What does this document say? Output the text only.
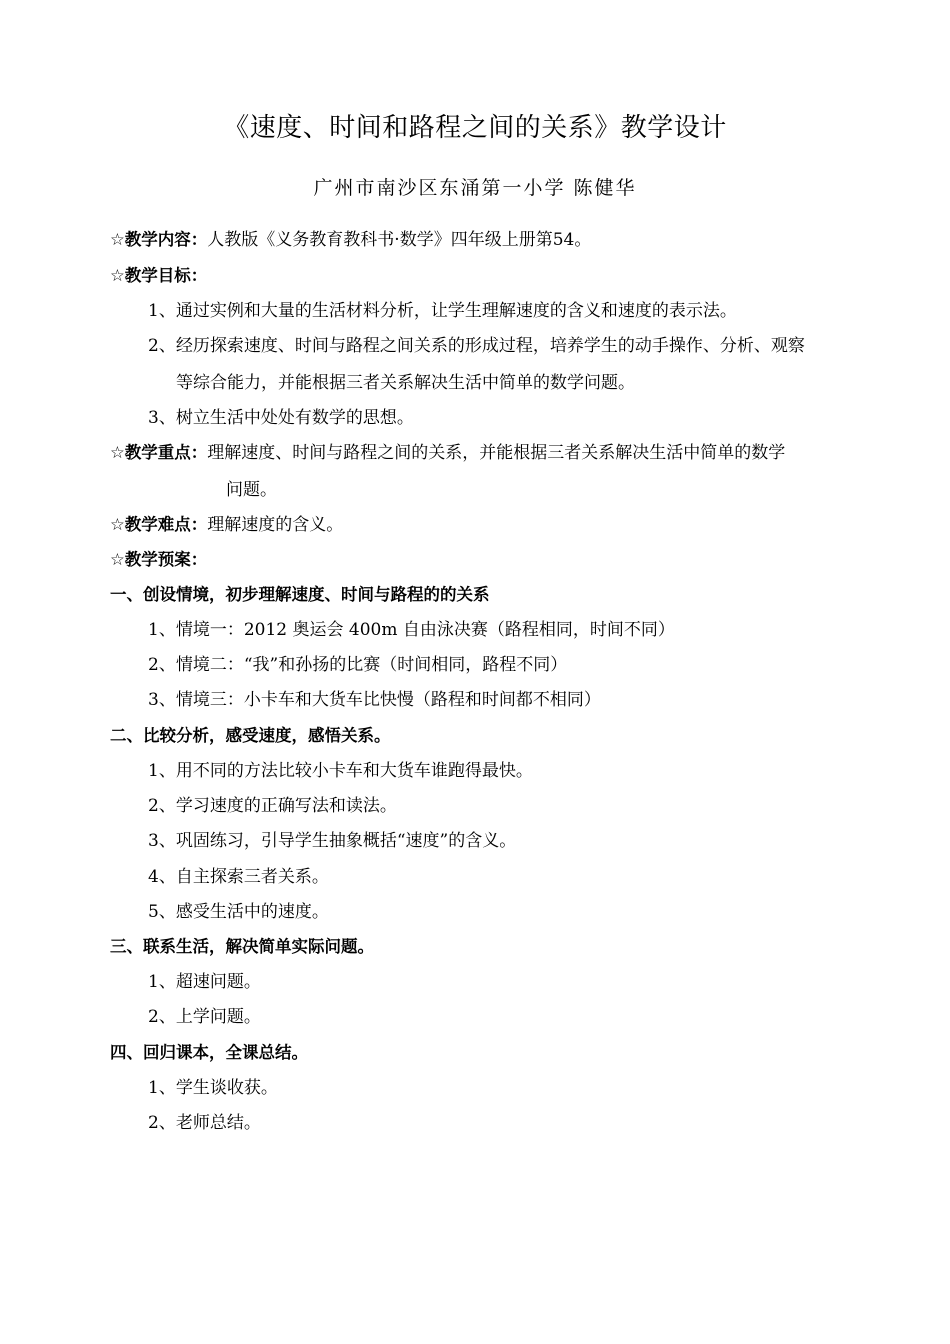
《速度、时间和路程之间的关系》教学设计
广州市南沙区东涌第一小学 陈健华
☆教学内容：人教版《义务教育教科书·数学》四年级上册第54。
☆教学目标：
1、通过实例和大量的生活材料分析，让学生理解速度的含义和速度的表示法。
2、经历探索速度、时间与路程之间关系的形成过程，培养学生的动手操作、分析、观察
等综合能力，并能根据三者关系解决生活中简单的数学问题。
3、树立生活中处处有数学的思想。
☆教学重点：理解速度、时间与路程之间的关系，并能根据三者关系解决生活中简单的数学
问题。
☆教学难点：理解速度的含义。
☆教学预案：
一、创设情境，初步理解速度、时间与路程的的关系
1、情境一：2012 奥运会 400m 自由泳决赛（路程相同，时间不同）
2、情境二：“我”和孙扬的比赛（时间相同，路程不同）
3、情境三：小卡车和大货车比快慢（路程和时间都不相同）
二、比较分析，感受速度，感悟关系。
1、用不同的方法比较小卡车和大货车谁跑得最快。
2、学习速度的正确写法和读法。
3、巩固练习，引导学生抽象概括“速度”的含义。
4、自主探索三者关系。
5、感受生活中的速度。
三、联系生活，解决简单实际问题。
1、超速问题。
2、上学问题。
四、回归课本，全课总结。
1、学生谈收获。
2、老师总结。
